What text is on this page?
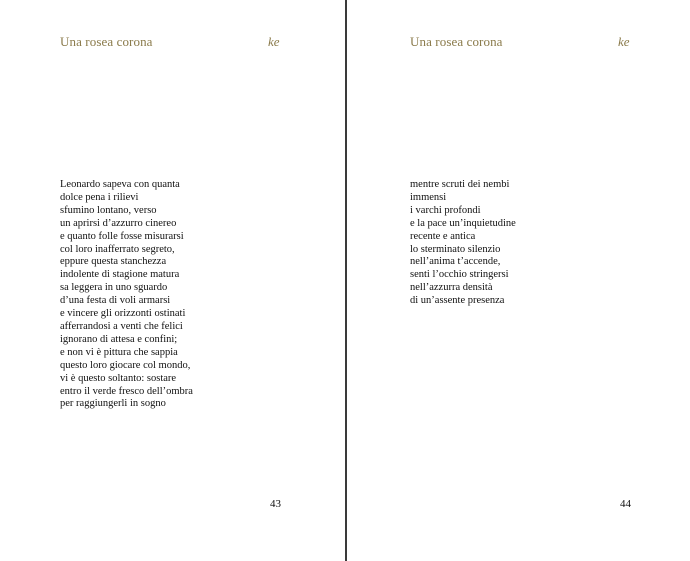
Una rosea corona	ke
Leonardo sapeva con quanta
dolce pena i rilievi
sfumino lontano, verso
un aprirsi d’azzurro cinereo
e quanto folle fosse misurarsi
col loro inafferrato segreto,
eppure questa stanchezza
indolente di stagione matura
sa leggera in uno sguardo
d’una festa di voli armarsi
e vincere gli orizzonti ostinati
afferrandosi a venti che felici
ignorano di attesa e confini;
e non vi è pittura che sappia
questo loro giocare col mondo,
vi è questo soltanto: sostare
entro il verde fresco dell’ombra
per raggiungerli in sogno
43
Una rosea corona	ke
mentre scruti dei nembi
immensi
i varchi profondi
e la pace un’inquietudine
recente e antica
lo sterminato silenzio
nell’anima t’accende,
senti l’occhio stringersi
nell’azzurra densità
di un’assente presenza
44
